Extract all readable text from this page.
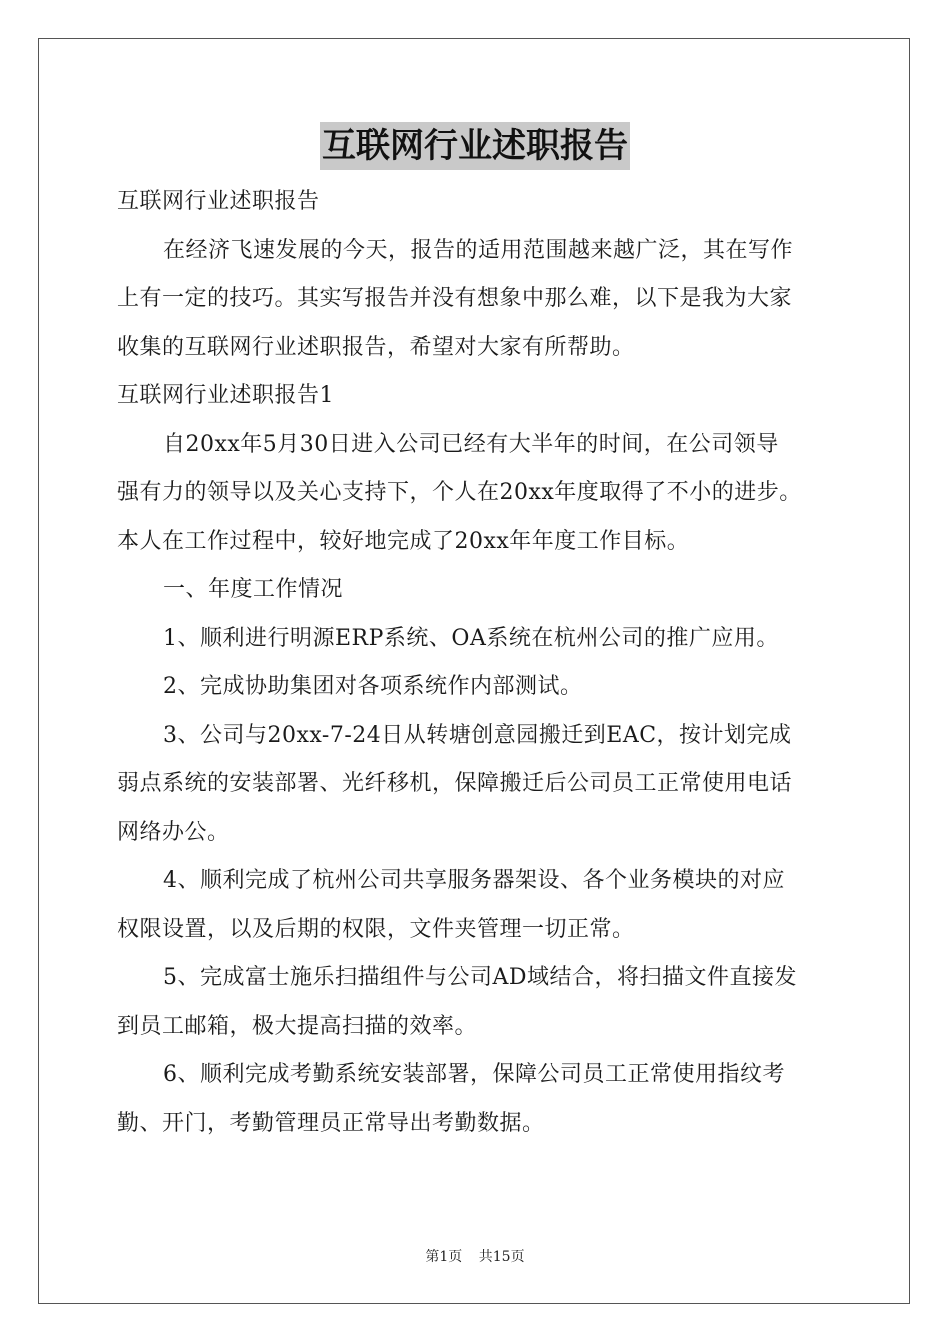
互联网行业述职报告
互联网行业述职报告
在经济飞速发展的今天，报告的适用范围越来越广泛，其在写作
上有一定的技巧。其实写报告并没有想象中那么难，以下是我为大家
收集的互联网行业述职报告，希望对大家有所帮助。
互联网行业述职报告1
自20xx年5月30日进入公司已经有大半年的时间，在公司领导
强有力的领导以及关心支持下，个人在20xx年度取得了不小的进步。
本人在工作过程中，较好地完成了20xx年年度工作目标。
一、年度工作情况
1、顺利进行明源ERP系统、OA系统在杭州公司的推广应用。
2、完成协助集团对各项系统作内部测试。
3、公司与20xx-7-24日从转塘创意园搬迁到EAC，按计划完成
弱点系统的安装部署、光纤移机，保障搬迁后公司员工正常使用电话
网络办公。
4、顺利完成了杭州公司共享服务器架设、各个业务模块的对应
权限设置，以及后期的权限，文件夹管理一切正常。
5、完成富士施乐扫描组件与公司AD域结合，将扫描文件直接发
到员工邮箱，极大提高扫描的效率。
6、顺利完成考勤系统安装部署，保障公司员工正常使用指纹考
勤、开门，考勤管理员正常导出考勤数据。
第1页 共15页
